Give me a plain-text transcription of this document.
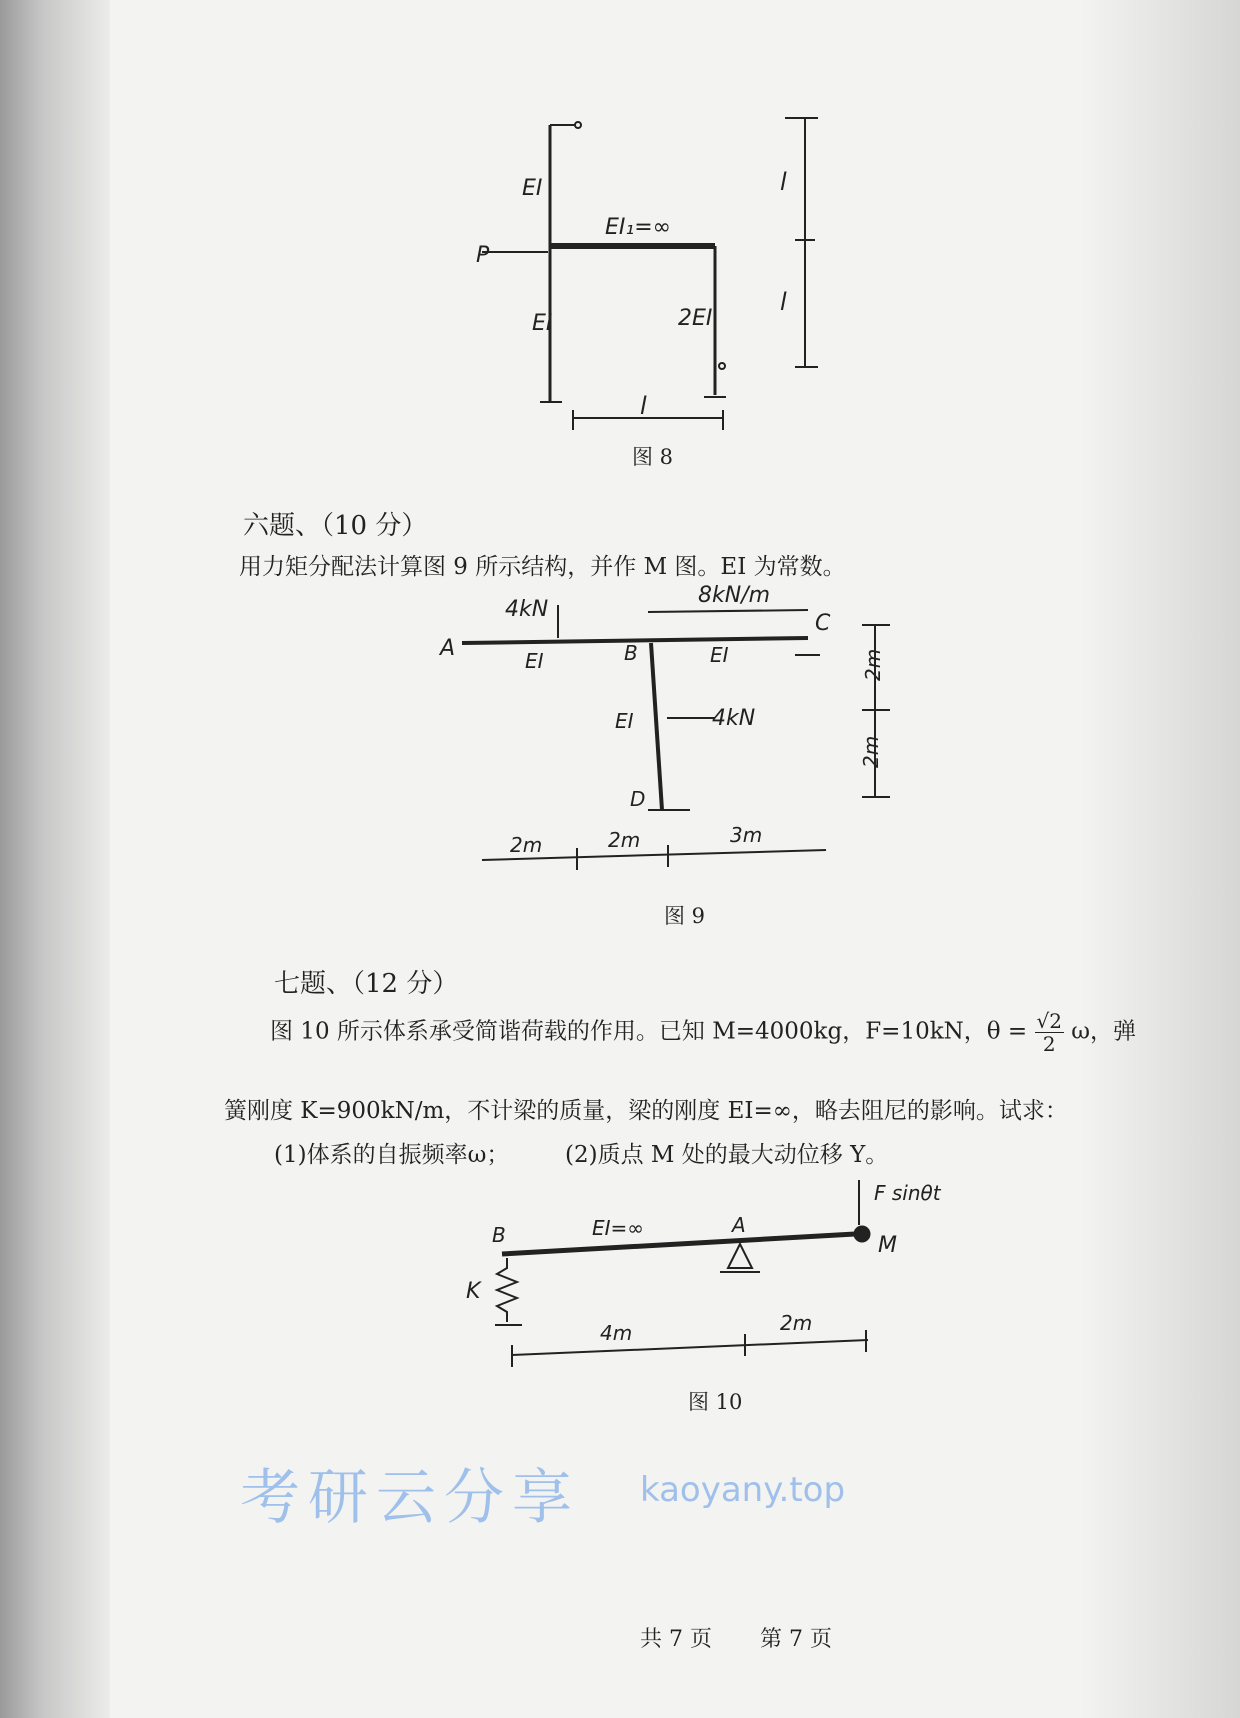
EI
EI₁=∞
P
EI	2EI
l
l
l
A	B
C
D
4kN
8kN/m
4kN
EI	EI
EI
2m
2m
2m	2m	3m
B	A
M
K
EI=∞
F sinθt
4m	2m
图 8
六题、（10 分）
用力矩分配法计算图 9 所示结构，并作 M 图。EI 为常数。
图 9
七题、（12 分）
图 10 所示体系承受简谐荷载的作用。已知 M=4000kg，F=10kN，$\theta = \frac{√2}{2}$ ω，弹
簧刚度 K=900kN/m，不计梁的质量，梁的刚度 EI=∞，略去阻尼的影响。试求：
(1)体系的自振频率ω； (2)质点 M 处的最大动位移 Y。
图 10
考研云分享 kaoyany.top
共 7 页 第 7 页
